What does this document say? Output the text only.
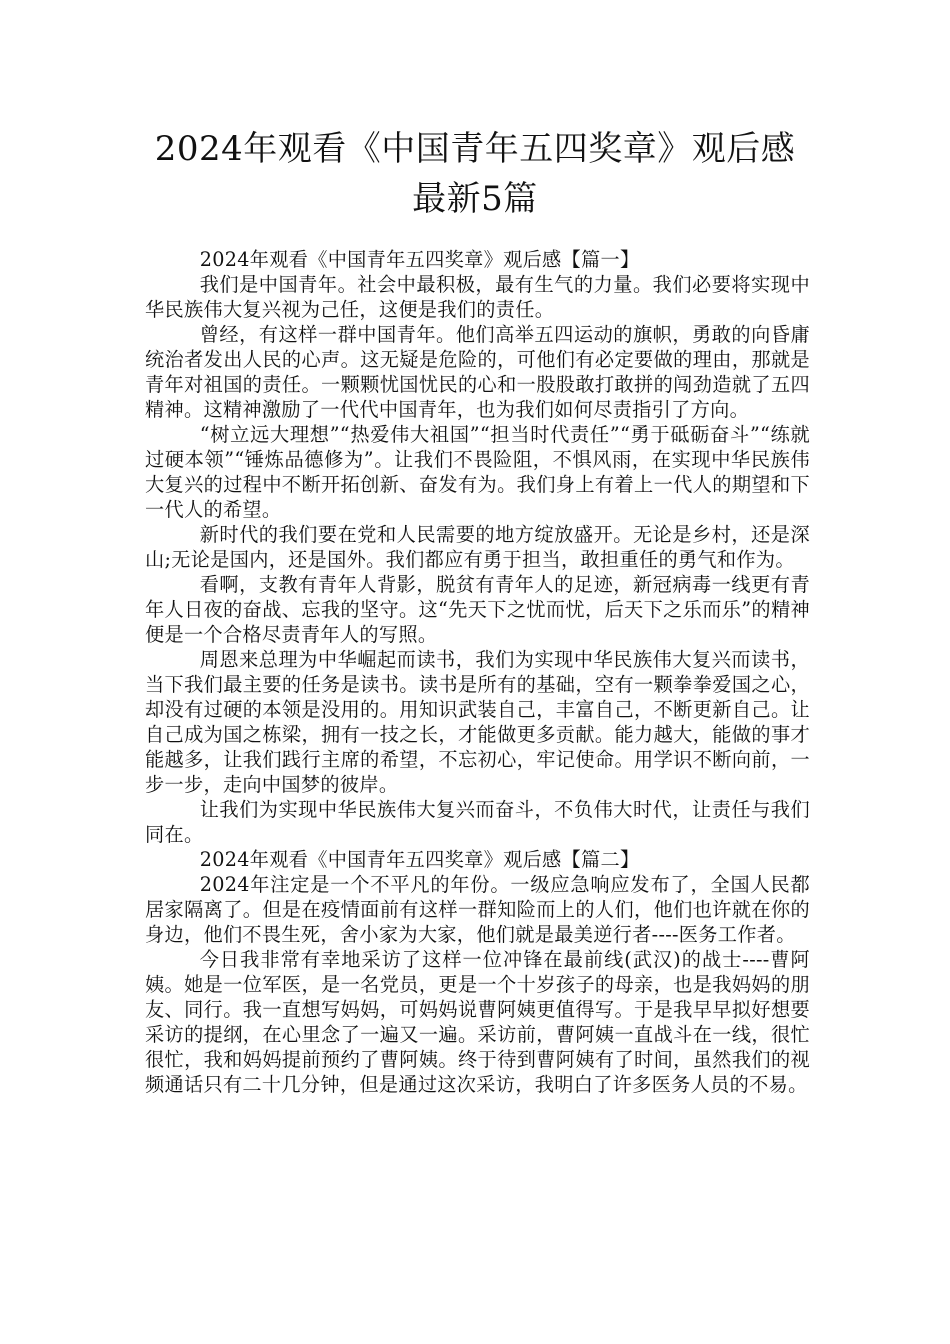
2024年观看《中国青年五四奖章》观后感
最新5篇

2024年观看《中国青年五四奖章》观后感【篇一】

我们是中国青年。社会中最积极，最有生气的力量。我们必要将实现中华民族伟大复兴视为己任，这便是我们的责任。

曾经，有这样一群中国青年。他们高举五四运动的旗帜，勇敢的向昏庸统治者发出人民的心声。这无疑是危险的，可他们有必定要做的理由，那就是青年对祖国的责任。一颗颗忧国忧民的心和一股股敢打敢拼的闯劲造就了五四精神。这精神激励了一代代中国青年，也为我们如何尽责指引了方向。

“树立远大理想”“热爱伟大祖国”“担当时代责任”“勇于砥砺奋斗”“练就过硬本领”“锤炼品德修为”。让我们不畏险阻，不惧风雨，在实现中华民族伟大复兴的过程中不断开拓创新、奋发有为。我们身上有着上一代人的期望和下一代人的希望。

新时代的我们要在党和人民需要的地方绽放盛开。无论是乡村，还是深山;无论是国内，还是国外。我们都应有勇于担当，敢担重任的勇气和作为。

看啊，支教有青年人背影，脱贫有青年人的足迹，新冠病毒一线更有青年人日夜的奋战、忘我的坚守。这“先天下之忧而忧，后天下之乐而乐”的精神便是一个合格尽责青年人的写照。

周恩来总理为中华崛起而读书，我们为实现中华民族伟大复兴而读书，当下我们最主要的任务是读书。读书是所有的基础，空有一颗拳拳爱国之心，却没有过硬的本领是没用的。用知识武装自己，丰富自己，不断更新自己。让自己成为国之栋梁，拥有一技之长，才能做更多贡献。能力越大，能做的事才能越多，让我们践行主席的希望，不忘初心，牢记使命。用学识不断向前，一步一步，走向中国梦的彼岸。

让我们为实现中华民族伟大复兴而奋斗，不负伟大时代，让责任与我们同在。

2024年观看《中国青年五四奖章》观后感【篇二】

2024年注定是一个不平凡的年份。一级应急响应发布了，全国人民都居家隔离了。但是在疫情面前有这样一群知险而上的人们，他们也许就在你的身边，他们不畏生死，舍小家为大家，他们就是最美逆行者----医务工作者。

今日我非常有幸地采访了这样一位冲锋在最前线(武汉)的战士----曹阿姨。她是一位军医，是一名党员，更是一个十岁孩子的母亲，也是我妈妈的朋友、同行。我一直想写妈妈，可妈妈说曹阿姨更值得写。于是我早早拟好想要采访的提纲，在心里念了一遍又一遍。采访前，曹阿姨一直战斗在一线，很忙很忙，我和妈妈提前预约了曹阿姨。终于待到曹阿姨有了时间，虽然我们的视频通话只有二十几分钟，但是通过这次采访，我明白了许多医务人员的不易。
